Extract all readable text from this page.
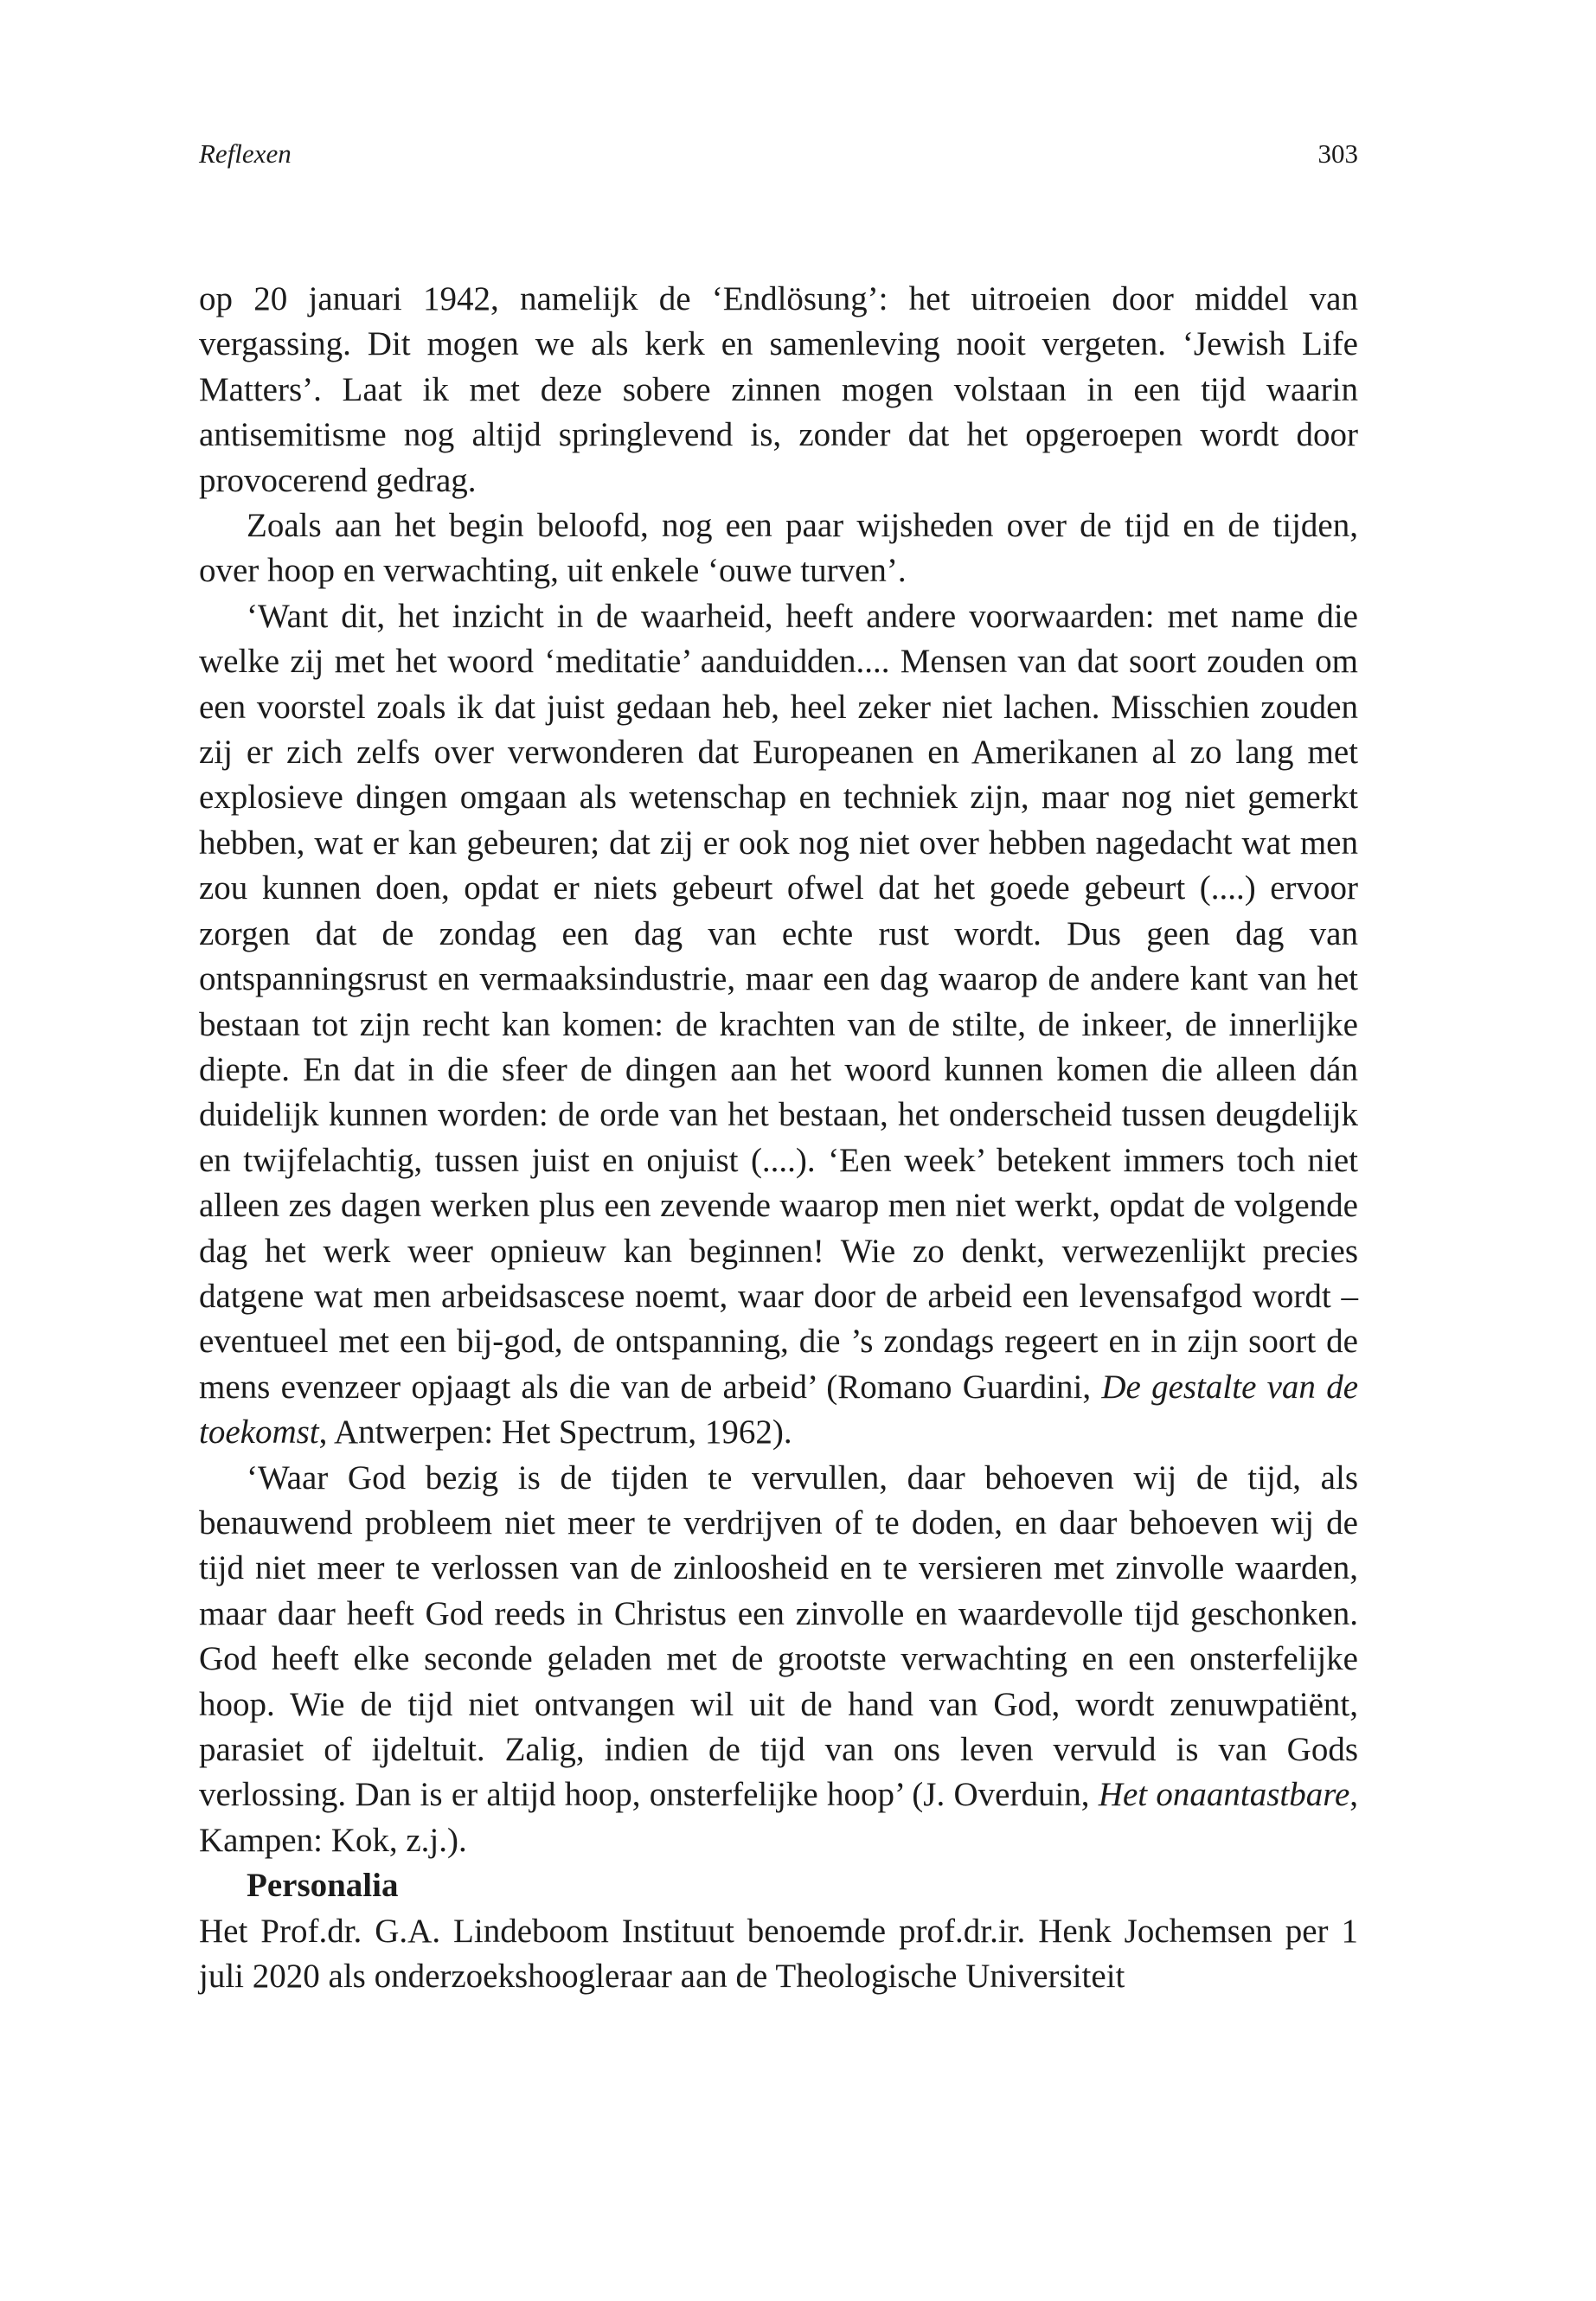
Reflexen	303

op 20 januari 1942, namelijk de ‘Endlösung’: het uitroeien door middel van vergassing. Dit mogen we als kerk en samenleving nooit vergeten. ‘Jewish Life Matters’. Laat ik met deze sobere zinnen mogen volstaan in een tijd waarin antisemitisme nog altijd springlevend is, zonder dat het opgeroepen wordt door provocerend gedrag.

Zoals aan het begin beloofd, nog een paar wijsheden over de tijd en de tijden, over hoop en verwachting, uit enkele ‘ouwe turven’.

‘Want dit, het inzicht in de waarheid, heeft andere voorwaarden: met name die welke zij met het woord ‘meditatie’ aanduidden.... Mensen van dat soort zouden om een voorstel zoals ik dat juist gedaan heb, heel zeker niet lachen. Misschien zouden zij er zich zelfs over verwonderen dat Europeanen en Amerikanen al zo lang met explosieve dingen omgaan als wetenschap en techniek zijn, maar nog niet gemerkt hebben, wat er kan gebeuren; dat zij er ook nog niet over hebben nagedacht wat men zou kunnen doen, opdat er niets gebeurt ofwel dat het goede gebeurt (....) ervoor zorgen dat de zondag een dag van echte rust wordt. Dus geen dag van ontspanningsrust en vermaaksindustrie, maar een dag waarop de andere kant van het bestaan tot zijn recht kan komen: de krachten van de stilte, de inkeer, de innerlijke diepte. En dat in die sfeer de dingen aan het woord kunnen komen die alleen dán duidelijk kunnen worden: de orde van het bestaan, het onderscheid tussen deugdelijk en twijfelachtig, tussen juist en onjuist (....). ‘Een week’ betekent immers toch niet alleen zes dagen werken plus een zevende waarop men niet werkt, opdat de volgende dag het werk weer opnieuw kan beginnen! Wie zo denkt, verwezenlijkt precies datgene wat men arbeidsascese noemt, waar door de arbeid een levensafgod wordt – eventueel met een bij-god, de ontspanning, die ’s zondags regeert en in zijn soort de mens evenzeer opjaagt als die van de arbeid’ (Romano Guardini, De gestalte van de toekomst, Antwerpen: Het Spectrum, 1962).

‘Waar God bezig is de tijden te vervullen, daar behoeven wij de tijd, als benauwend probleem niet meer te verdrijven of te doden, en daar behoeven wij de tijd niet meer te verlossen van de zinloosheid en te versieren met zinvolle waarden, maar daar heeft God reeds in Christus een zinvolle en waardevolle tijd geschonken. God heeft elke seconde geladen met de grootste verwachting en een onsterfelijke hoop. Wie de tijd niet ontvangen wil uit de hand van God, wordt zenuwpatiënt, parasiet of ijdeltuit. Zalig, indien de tijd van ons leven vervuld is van Gods verlossing. Dan is er altijd hoop, onsterfelijke hoop’ (J. Overduin, Het onaantastbare, Kampen: Kok, z.j.).

Personalia

Het Prof.dr. G.A. Lindeboom Instituut benoemde prof.dr.ir. Henk Jochemsen per 1 juli 2020 als onderzoekshoogleraar aan de Theologische Universiteit
